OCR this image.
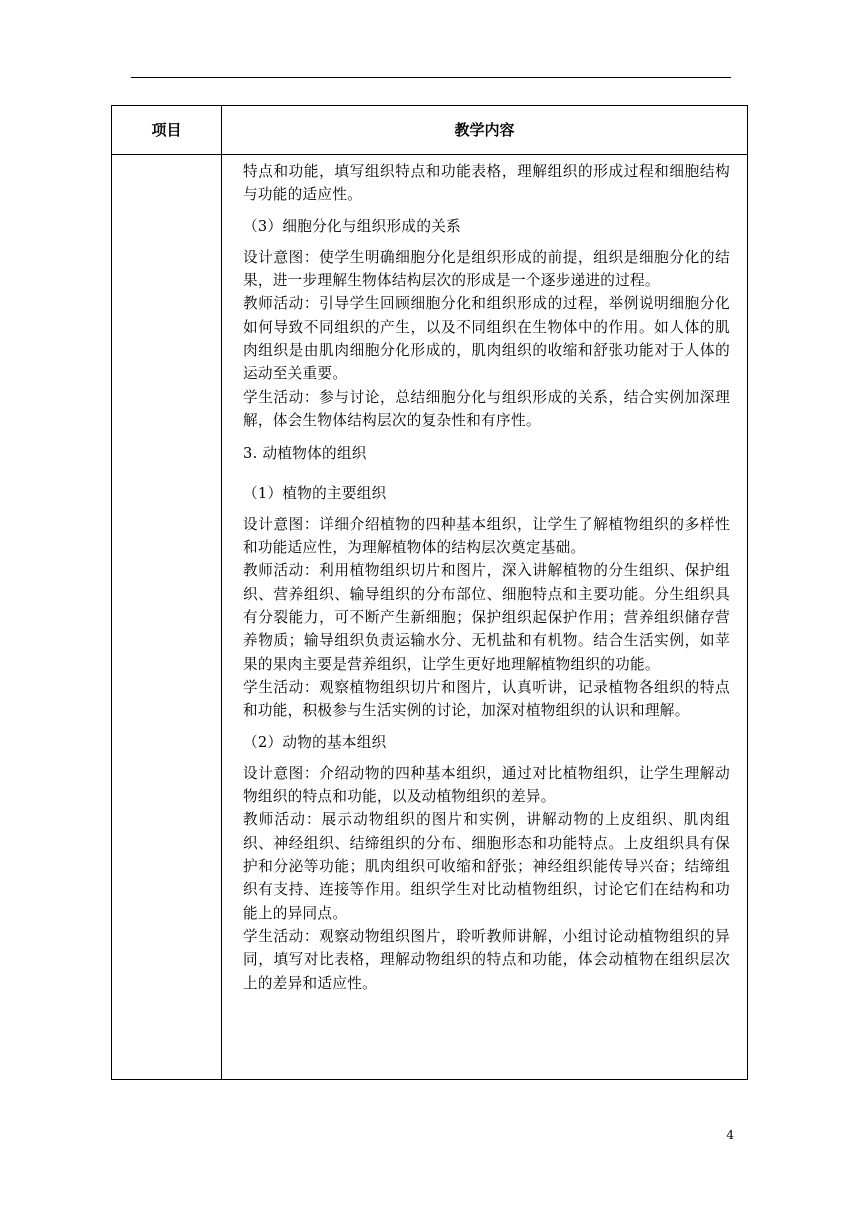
项目	教学内容

特点和功能，填写组织特点和功能表格，理解组织的形成过程和细胞结构与功能的适应性。

（3）细胞分化与组织形成的关系

设计意图：使学生明确细胞分化是组织形成的前提，组织是细胞分化的结果，进一步理解生物体结构层次的形成是一个逐步递进的过程。

教师活动：引导学生回顾细胞分化和组织形成的过程，举例说明细胞分化如何导致不同组织的产生，以及不同组织在生物体中的作用。如人体的肌肉组织是由肌肉细胞分化形成的，肌肉组织的收缩和舒张功能对于人体的运动至关重要。

学生活动：参与讨论，总结细胞分化与组织形成的关系，结合实例加深理解，体会生物体结构层次的复杂性和有序性。

3. 动植物体的组织

（1）植物的主要组织

设计意图：详细介绍植物的四种基本组织，让学生了解植物组织的多样性和功能适应性，为理解植物体的结构层次奠定基础。

教师活动：利用植物组织切片和图片，深入讲解植物的分生组织、保护组织、营养组织、输导组织的分布部位、细胞特点和主要功能。分生组织具有分裂能力，可不断产生新细胞；保护组织起保护作用；营养组织储存营养物质；输导组织负责运输水分、无机盐和有机物。结合生活实例，如苹果的果肉主要是营养组织，让学生更好地理解植物组织的功能。

学生活动：观察植物组织切片和图片，认真听讲，记录植物各组织的特点和功能，积极参与生活实例的讨论，加深对植物组织的认识和理解。

（2）动物的基本组织

设计意图：介绍动物的四种基本组织，通过对比植物组织，让学生理解动物组织的特点和功能，以及动植物组织的差异。

教师活动：展示动物组织的图片和实例，讲解动物的上皮组织、肌肉组织、神经组织、结缔组织的分布、细胞形态和功能特点。上皮组织具有保护和分泌等功能；肌肉组织可收缩和舒张；神经组织能传导兴奋；结缔组织有支持、连接等作用。组织学生对比动植物组织，讨论它们在结构和功能上的异同点。

学生活动：观察动物组织图片，聆听教师讲解，小组讨论动植物组织的异同，填写对比表格，理解动物组织的特点和功能，体会动植物在组织层次上的差异和适应性。

4
